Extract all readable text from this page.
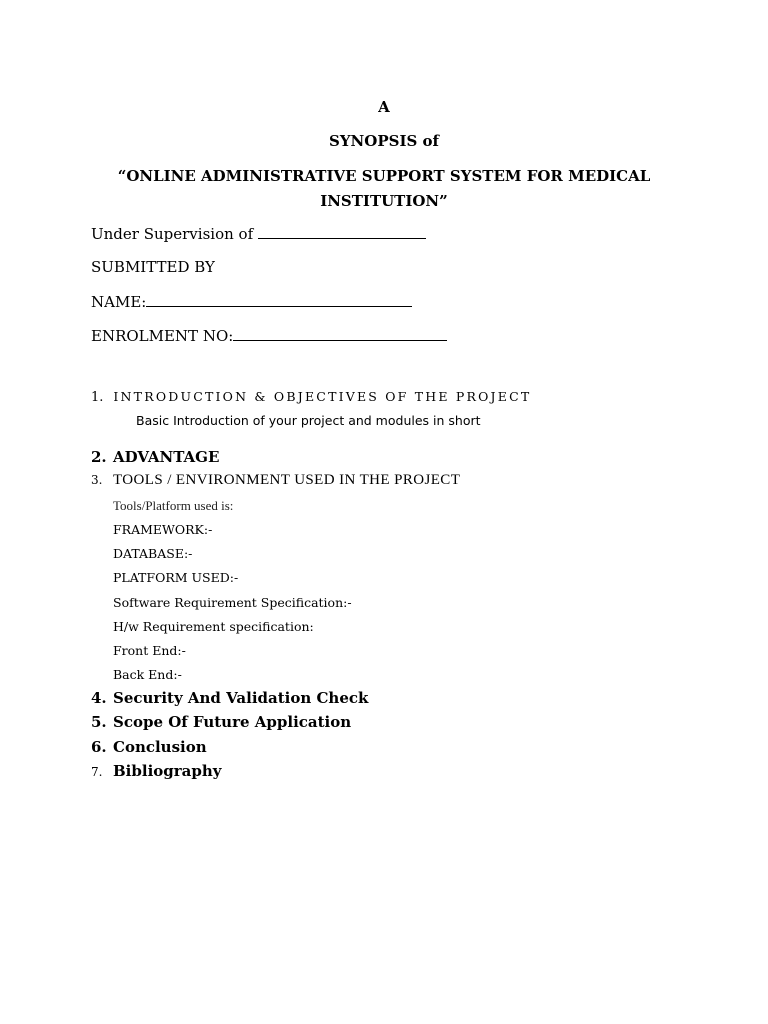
A
SYNOPSIS of
“ONLINE ADMINISTRATIVE SUPPORT SYSTEM FOR MEDICAL
INSTITUTION”
Under Supervision of
SUBMITTED BY
NAME:
ENROLMENT NO:
1. INTRODUCTION & OBJECTIVES OF THE PROJECT
Basic Introduction of your project and modules in short
2. ADVANTAGE
3. TOOLS / ENVIRONMENT USED IN THE PROJECT
Tools/Platform used is:
FRAMEWORK:-
DATABASE:-
PLATFORM USED:-
Software Requirement Specification:-
H/w Requirement specification:
Front End:-
Back End:-
4. Security And Validation Check
5. Scope Of Future Application
6. Conclusion
7. Bibliography
